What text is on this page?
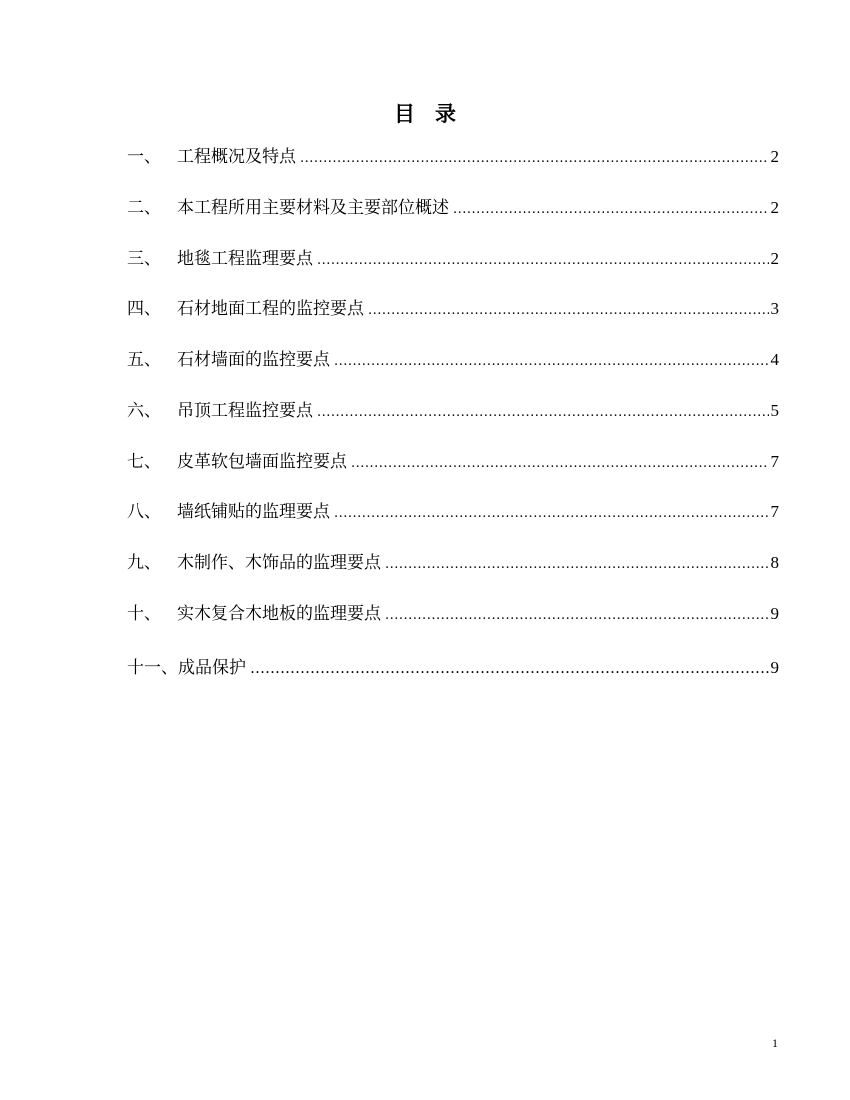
目 录
一、 工程概况及特点 .....	2
二、 本工程所用主要材料及主要部位概述 .....	2
三、 地毯工程监理要点 .....	2
四、 石材地面工程的监控要点 .....	3
五、 石材墙面的监控要点 .....	4
六、 吊顶工程监控要点 .....	5
七、 皮革软包墙面监控要点 .....	7
八、 墙纸铺贴的监理要点 .....	7
九、 木制作、木饰品的监理要点 .....	8
十、 实木复合木地板的监理要点 .....	9
十一、 成品保护 ……………………………………………………………………………………………………………………………………	9
1
